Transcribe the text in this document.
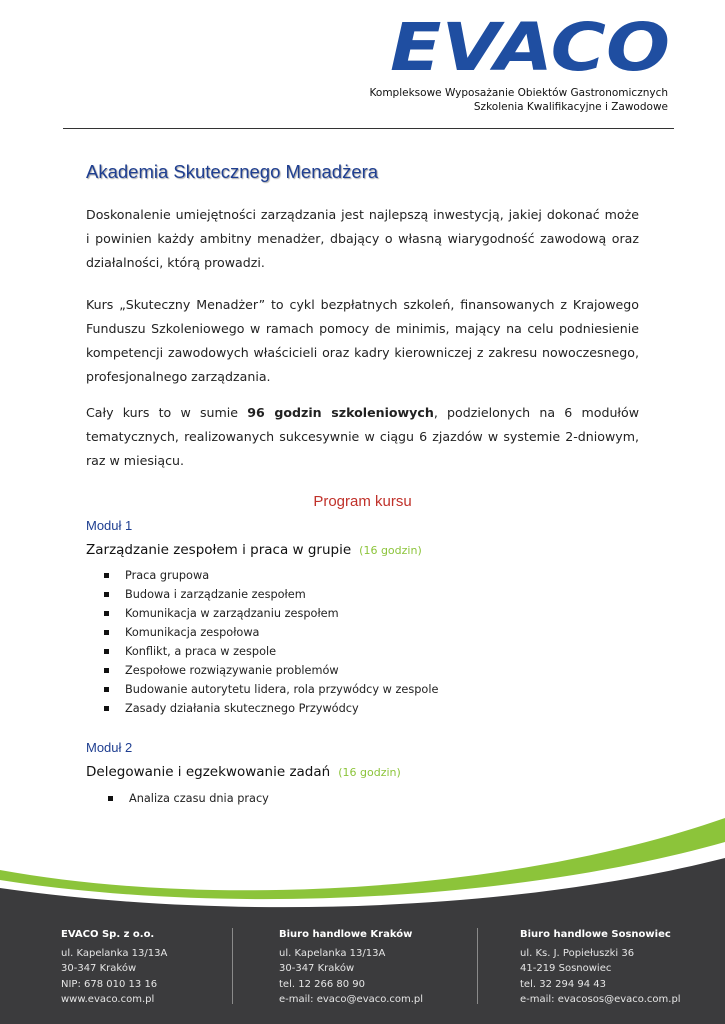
EVACO
Kompleksowe Wyposażanie Obiektów Gastronomicznych
Szkolenia Kwalifikacyjne i Zawodowe
Akademia Skutecznego Menadżera
Doskonalenie umiejętności zarządzania jest najlepszą inwestycją, jakiej dokonać może i powinien każdy ambitny menadżer, dbający o własną wiarygodność zawodową oraz działalności, którą prowadzi.
Kurs „Skuteczny Menadżer” to cykl bezpłatnych szkoleń, finansowanych z Krajowego Funduszu Szkoleniowego w ramach pomocy de minimis, mający na celu podniesienie kompetencji zawodowych właścicieli oraz kadry kierowniczej z zakresu nowoczesnego, profesjonalnego zarządzania.
Cały kurs to w sumie 96 godzin szkoleniowych, podzielonych na 6 modułów tematycznych, realizowanych sukcesywnie w ciągu 6 zjazdów w systemie 2-dniowym, raz w miesiącu.
Program kursu
Moduł 1
Zarządzanie zespołem i praca w grupie (16 godzin)
Praca grupowa
Budowa i zarządzanie zespołem
Komunikacja w zarządzaniu zespołem
Komunikacja zespołowa
Konflikt, a praca w zespole
Zespołowe rozwiązywanie problemów
Budowanie autorytetu lidera, rola przywódcy w zespole
Zasady działania skutecznego Przywódcy
Moduł 2
Delegowanie i egzekwowanie zadań (16 godzin)
Analiza czasu dnia pracy
EVACO Sp. z o.o.
ul. Kapelanka 13/13A
30-347 Kraków
NIP: 678 010 13 16
www.evaco.com.pl
Biuro handlowe Kraków
ul. Kapelanka 13/13A
30-347 Kraków
tel. 12 266 80 90
e-mail: evaco@evaco.com.pl
Biuro handlowe Sosnowiec
ul. Ks. J. Popiełuszki 36
41-219 Sosnowiec
tel. 32 294 94 43
e-mail: evacosos@evaco.com.pl
